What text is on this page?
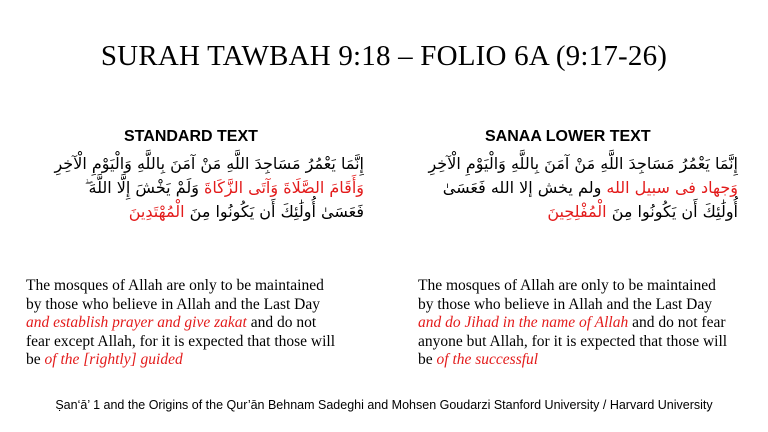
SURAH TAWBAH 9:18 – FOLIO 6A (9:17-26)
STANDARD TEXT	SANAA LOWER TEXT
إِنَّمَا يَعْمُرُ مَسَاجِدَ اللَّهِ مَنْ آمَنَ بِاللَّهِ وَالْيَوْمِ الْآخِرِ
وَأَقَامَ الصَّلَاةَ وَآتَى الزَّكَاةَ وَلَمْ يَخْشَ إِلَّا اللَّهَ ۖ
فَعَسَىٰ أُولَٰئِكَ أَن يَكُونُوا مِنَ الْمُهْتَدِينَ
إِنَّمَا يَعْمُرُ مَسَاجِدَ اللَّهِ مَنْ آمَنَ بِاللَّهِ وَالْيَوْمِ الْآخِرِ
وَجهاد فى سبيل الله ولم يخش إلا الله فَعَسَىٰ
أُولَٰئِكَ أَن يَكُونُوا مِنَ الْمُفْلِحِينَ
The mosques of Allah are only to be maintained
by those who believe in Allah and the Last Day
and establish prayer and give zakat and do not
fear except Allah, for it is expected that those will
be of the [rightly] guided
The mosques of Allah are only to be maintained
by those who believe in Allah and the Last Day
and do Jihad in the name of Allah and do not fear
anyone but Allah, for it is expected that those will
be of the successful
Ṣan‘ā’ 1 and the Origins of the Qur’ān Behnam Sadeghi and Mohsen Goudarzi Stanford University / Harvard University
